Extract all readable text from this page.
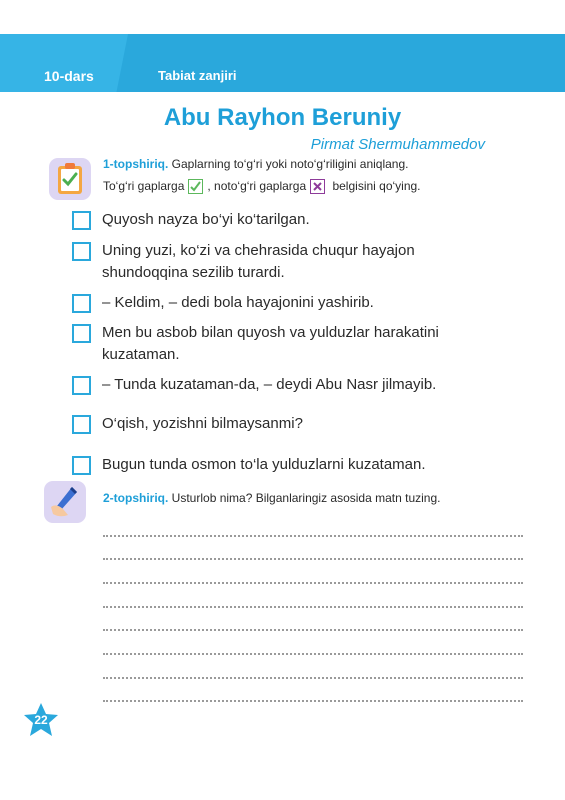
10-dars	Tabiat zanjiri
Abu Rayhon Beruniy
Pirmat Shermuhammedov
1-topshiriq. Gaplarning to‘g‘ri yoki noto‘g‘riligini aniqlang.
To‘g‘ri gaplarga , noto‘g‘ri gaplarga belgisini qo‘ying.
Quyosh nayza bo‘yi ko‘tarilgan.
Uning yuzi, ko‘zi va chehrasida chuqur hayajon shundoqqina sezilib turardi.
– Keldim, – dedi bola hayajonini yashirib.
Men bu asbob bilan quyosh va yulduzlar harakatini kuzataman.
– Tunda kuzataman-da, – deydi Abu Nasr jilmayib.
O‘qish, yozishni bilmaysanmi?
Bugun tunda osmon to‘la yulduzlarni kuzataman.
2-topshiriq. Usturlob nima? Bilganlaringiz asosida matn tuzing.
22
